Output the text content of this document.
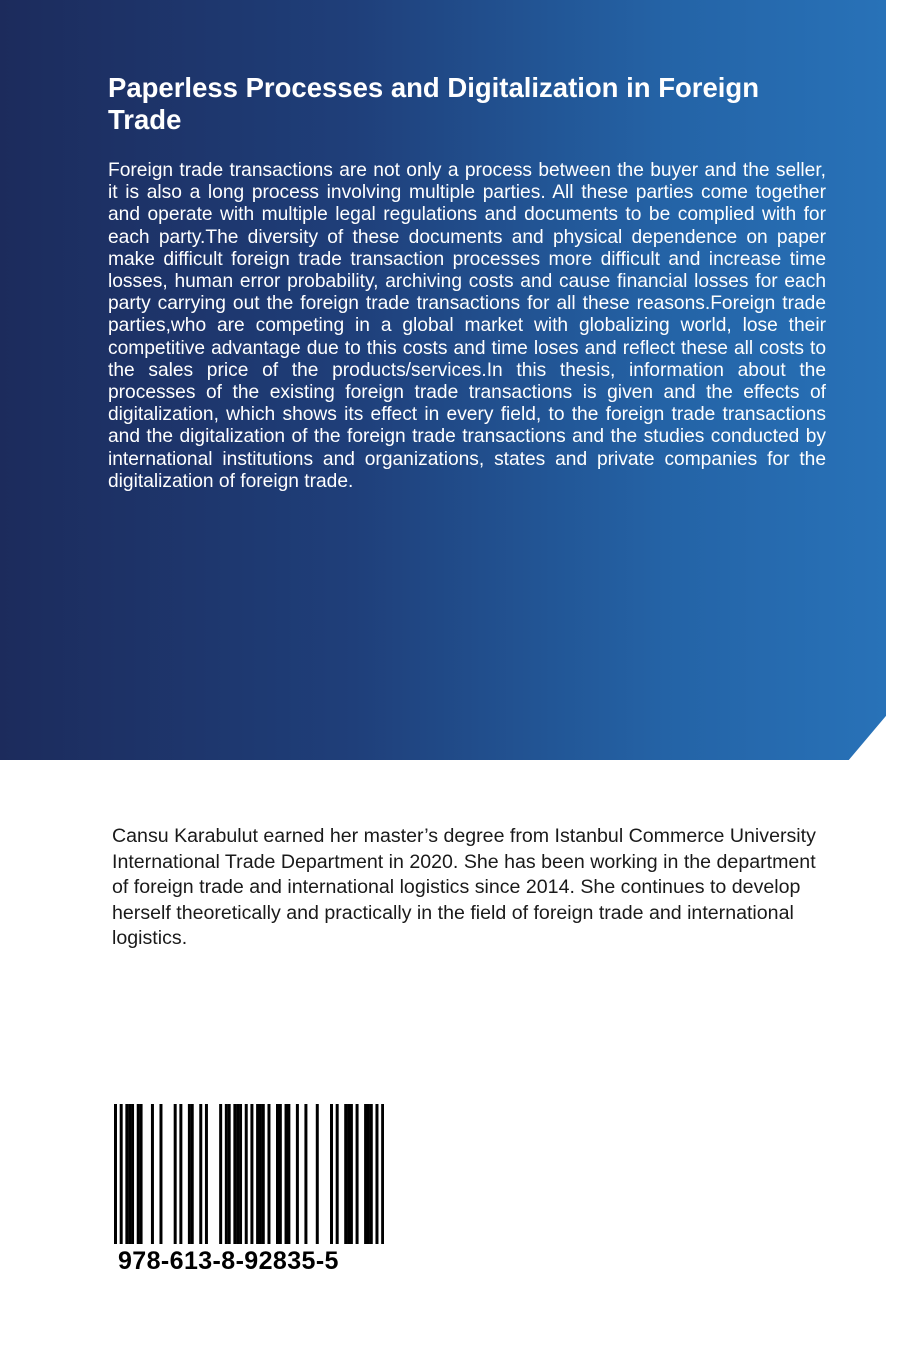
Paperless Processes and Digitalization in Foreign Trade

Foreign trade transactions are not only a process between the buyer and the seller, it is also a long process involving multiple parties. All these parties come together and operate with multiple legal regulations and documents to be complied with for each party.The diversity of these documents and physical dependence on paper make difficult foreign trade transaction processes more difficult and increase time losses, human error probability, archiving costs and cause financial losses for each party carrying out the foreign trade transactions for all these reasons.Foreign trade parties,who are competing in a global market with globalizing world, lose their competitive advantage due to this costs and time loses and reflect these all costs to the sales price of the products/services.In this thesis, information about the processes of the existing foreign trade transactions is given and the effects of digitalization, which shows its effect in every field, to the foreign trade transactions and the digitalization of the foreign trade transactions and the studies conducted by international institutions and organizations, states and private companies for the digitalization of foreign trade.

Cansu Karabulut earned her master’s degree from Istanbul Commerce University International Trade Department in 2020. She has been working in the department of foreign trade and international logistics since 2014. She continues to develop herself theoretically and practically in the field of foreign trade and international logistics.

978-613-8-92835-5
